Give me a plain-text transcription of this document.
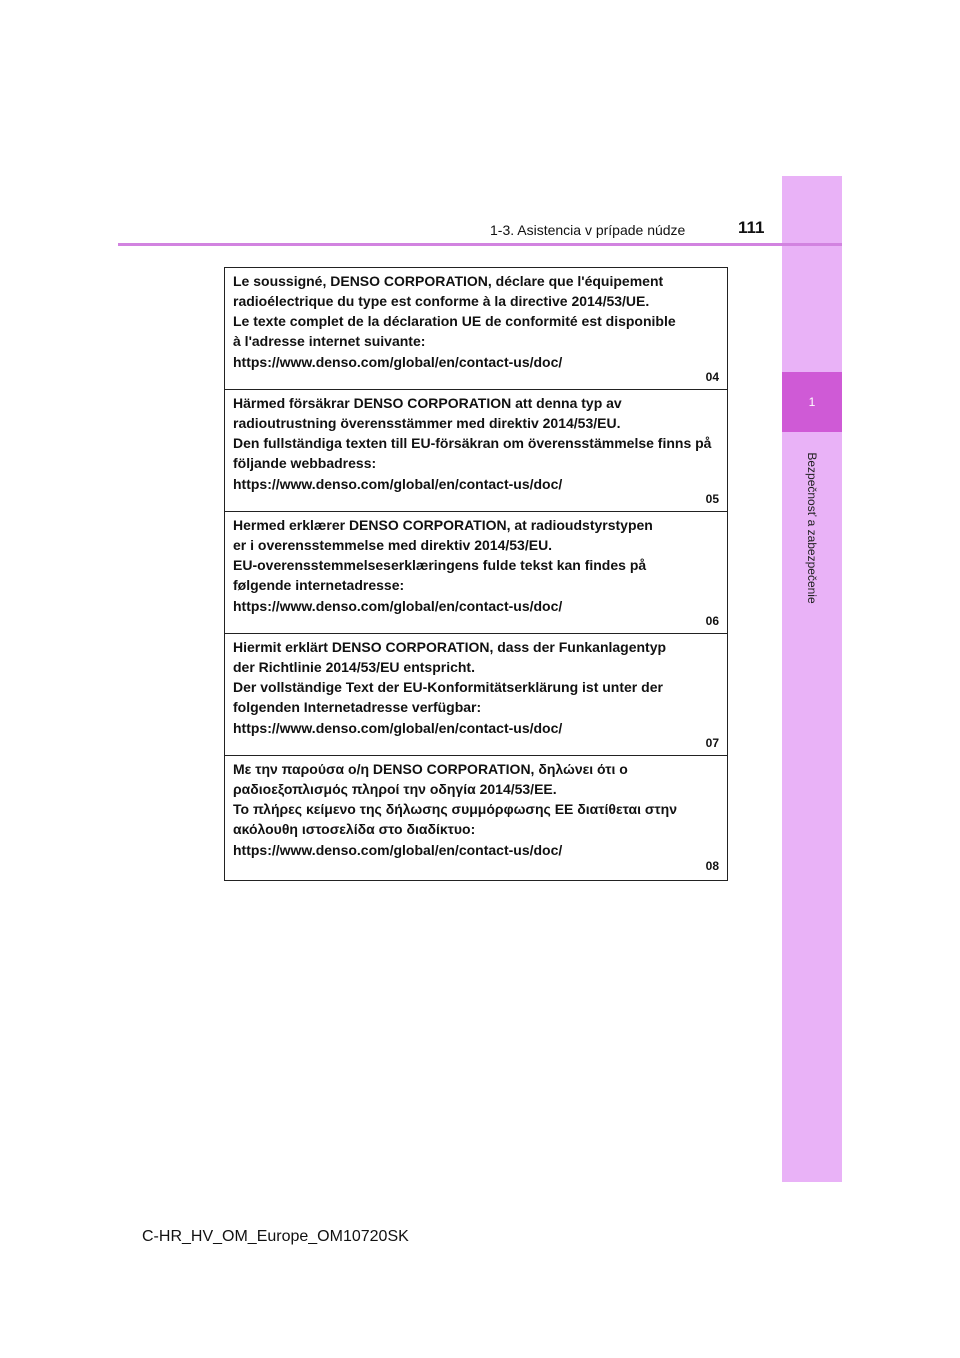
1
Bezpečnosť a zabezpečenie
1-3. Asistencia v prípade núdze	111
Le soussigné, DENSO CORPORATION, déclare que l'équipement
radioélectrique du type est conforme à la directive 2014/53/UE.
Le texte complet de la déclaration UE de conformité est disponible
à l'adresse internet suivante:
https://www.denso.com/global/en/contact-us/doc/
04
Härmed försäkrar DENSO CORPORATION att denna typ av
radioutrustning överensstämmer med direktiv 2014/53/EU.
Den fullständiga texten till EU-försäkran om överensstämmelse finns på
följande webbadress:
https://www.denso.com/global/en/contact-us/doc/
05
Hermed erklærer DENSO CORPORATION, at radioudstyrstypen
er i overensstemmelse med direktiv 2014/53/EU.
EU-overensstemmelseserklæringens fulde tekst kan findes på
følgende internetadresse:
https://www.denso.com/global/en/contact-us/doc/
06
Hiermit erklärt DENSO CORPORATION, dass der Funkanlagentyp
der Richtlinie 2014/53/EU entspricht.
Der vollständige Text der EU-Konformitätserklärung ist unter der
folgenden Internetadresse verfügbar:
https://www.denso.com/global/en/contact-us/doc/
07
Με την παρούσα ο/η DENSO CORPORATION, δηλώνει ότι ο
ραδιοεξοπλισμός πληροί την οδηγία 2014/53/ΕΕ.
Το πλήρες κείμενο της δήλωσης συμμόρφωσης ΕΕ διατίθεται στην
ακόλουθη ιστοσελίδα στο διαδίκτυο:
https://www.denso.com/global/en/contact-us/doc/
08
C-HR_HV_OM_Europe_OM10720SK
